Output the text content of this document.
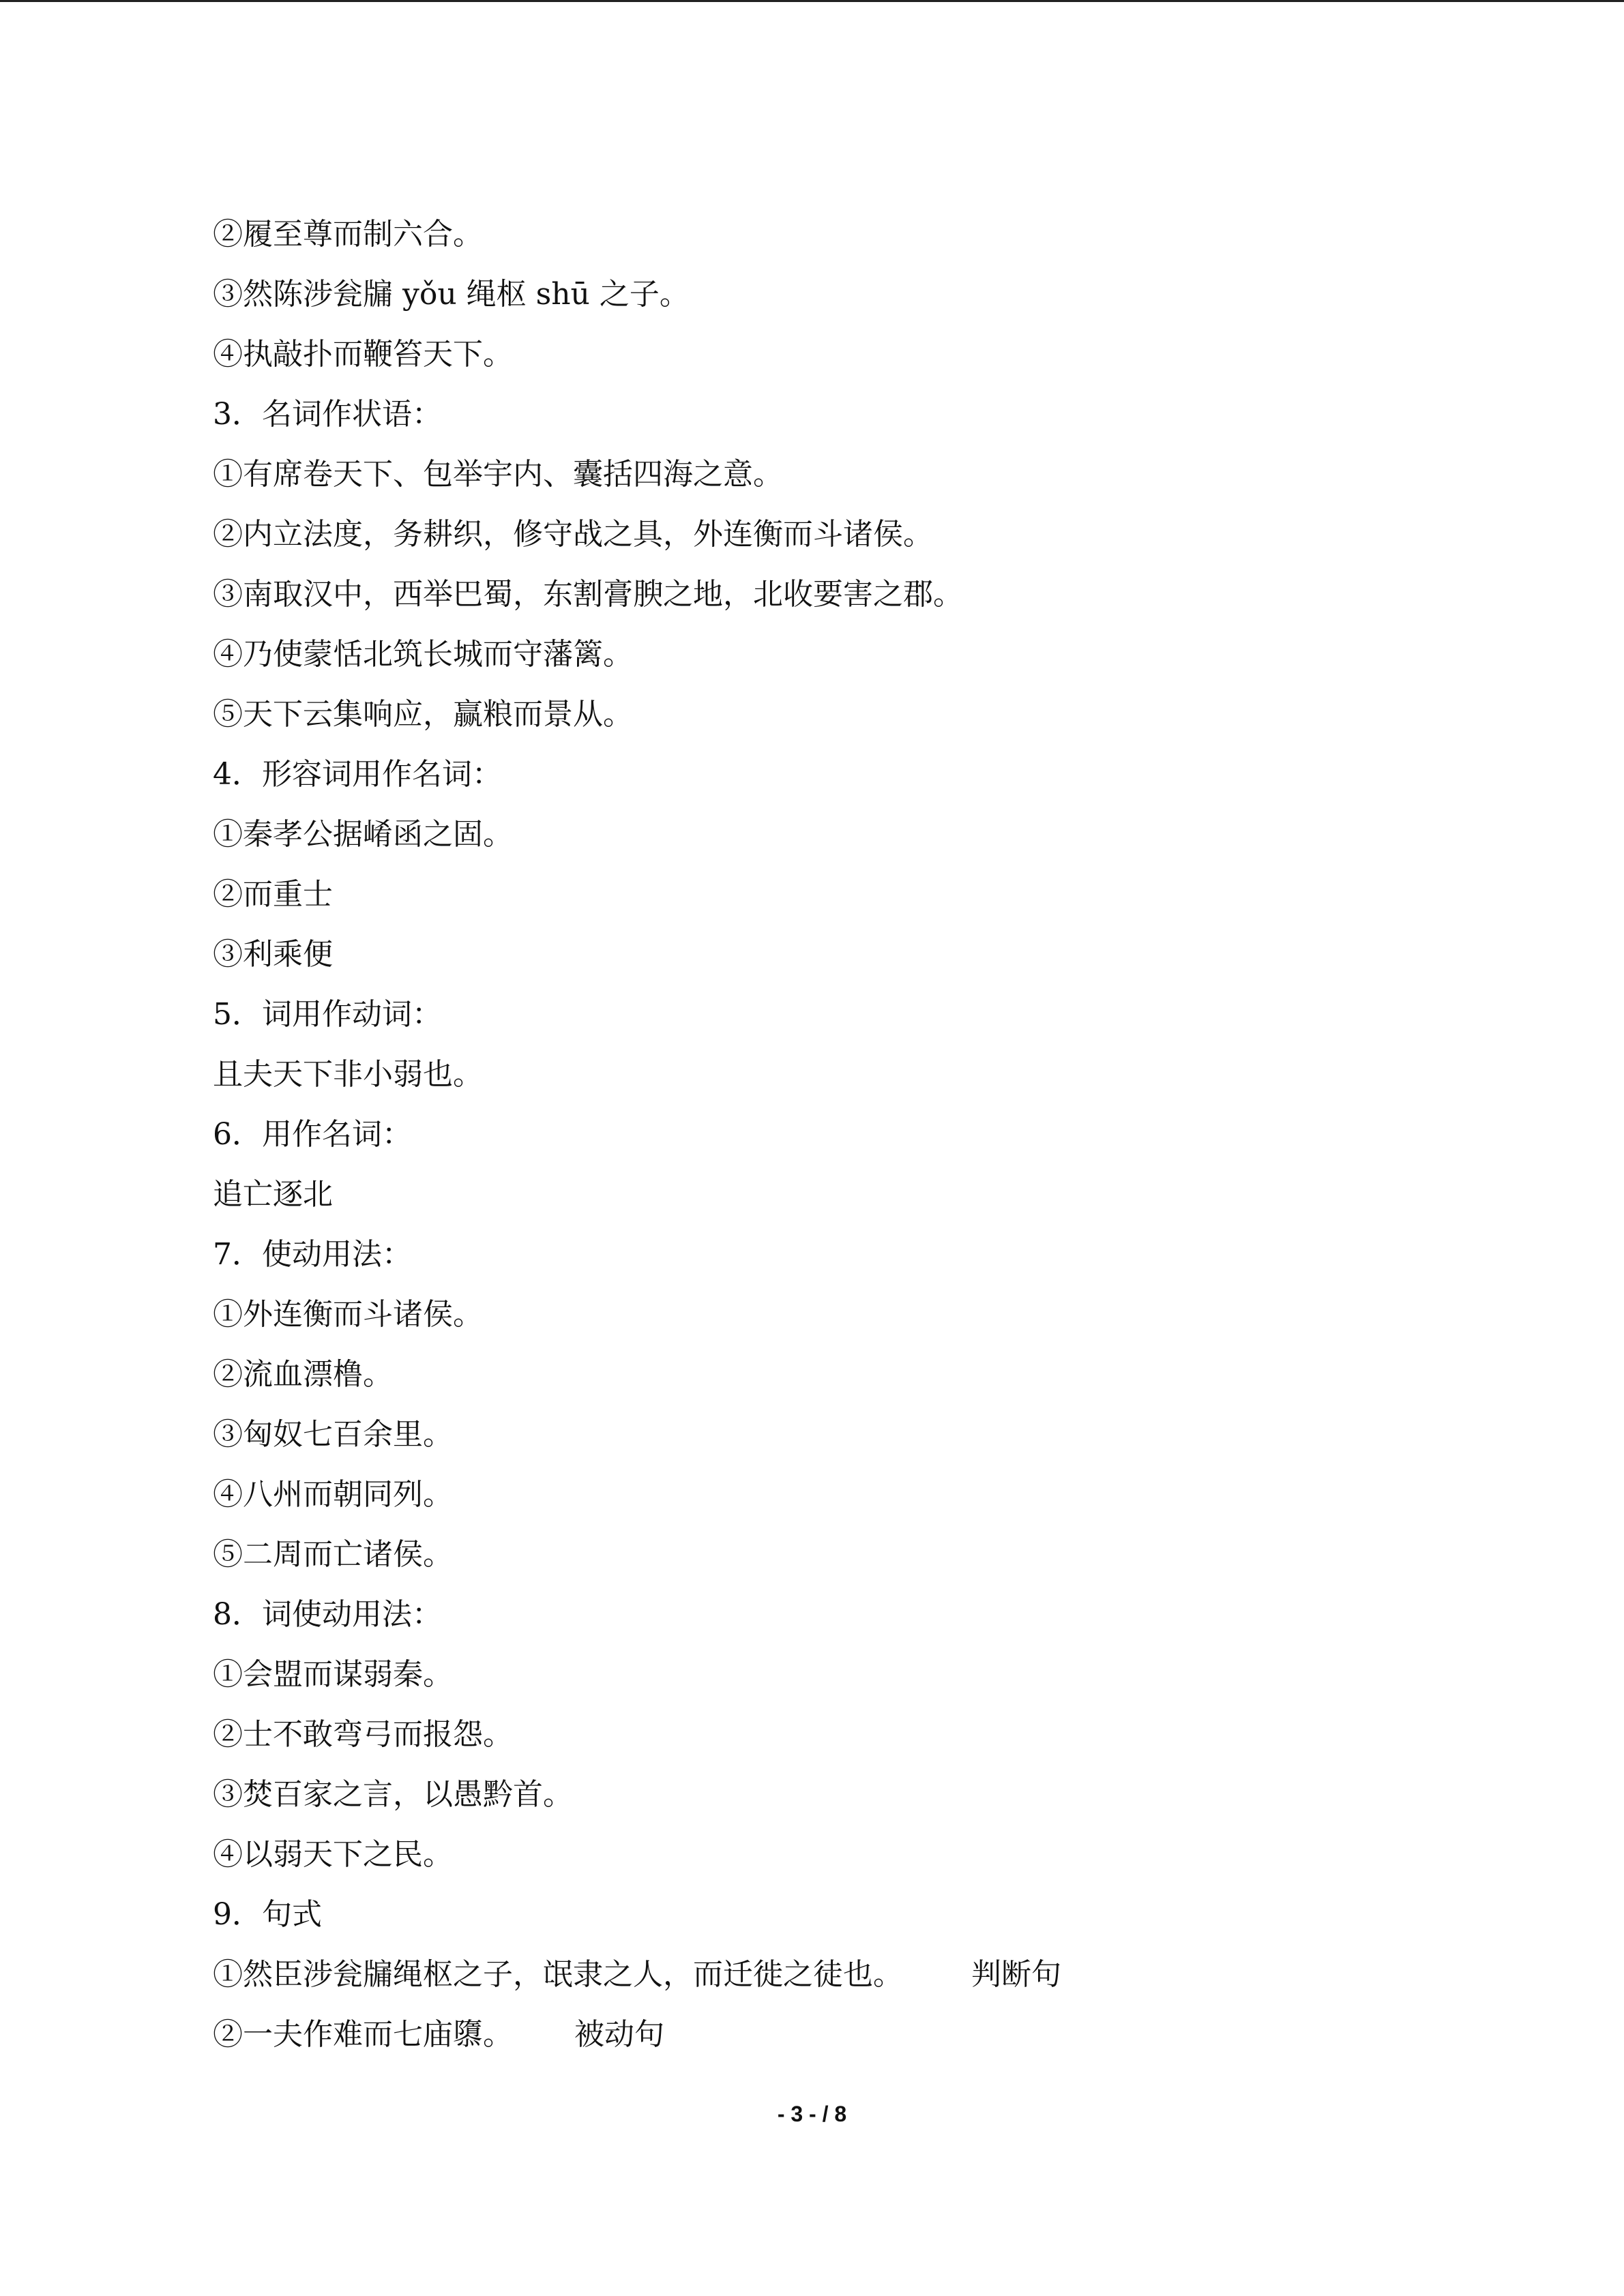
②履至尊而制六合。
③然陈涉瓮牖 yǒu 绳枢 shū 之子。
④执敲扑而鞭笞天下。
3．名词作状语：
①有席卷天下、包举宇内、囊括四海之意。
②内立法度，务耕织，修守战之具，外连衡而斗诸侯。
③南取汉中，西举巴蜀，东割膏腴之地，北收要害之郡。
④乃使蒙恬北筑长城而守藩篱。
⑤天下云集响应，赢粮而景从。
4．形容词用作名词：
①秦孝公据崤函之固。
②而重士
③利乘便
5．词用作动词：
且夫天下非小弱也。
6．用作名词：
追亡逐北
7．使动用法：
①外连衡而斗诸侯。
②流血漂橹。
③匈奴七百余里。
④八州而朝同列。
⑤二周而亡诸侯。
8．词使动用法：
①会盟而谋弱秦。
②士不敢弯弓而报怨。
③焚百家之言，以愚黔首。
④以弱天下之民。
9．句式
①然臣涉瓮牖绳枢之子，氓隶之人，而迁徙之徒也。 判断句
②一夫作难而七庙隳。 被动句
- 3 - / 8
